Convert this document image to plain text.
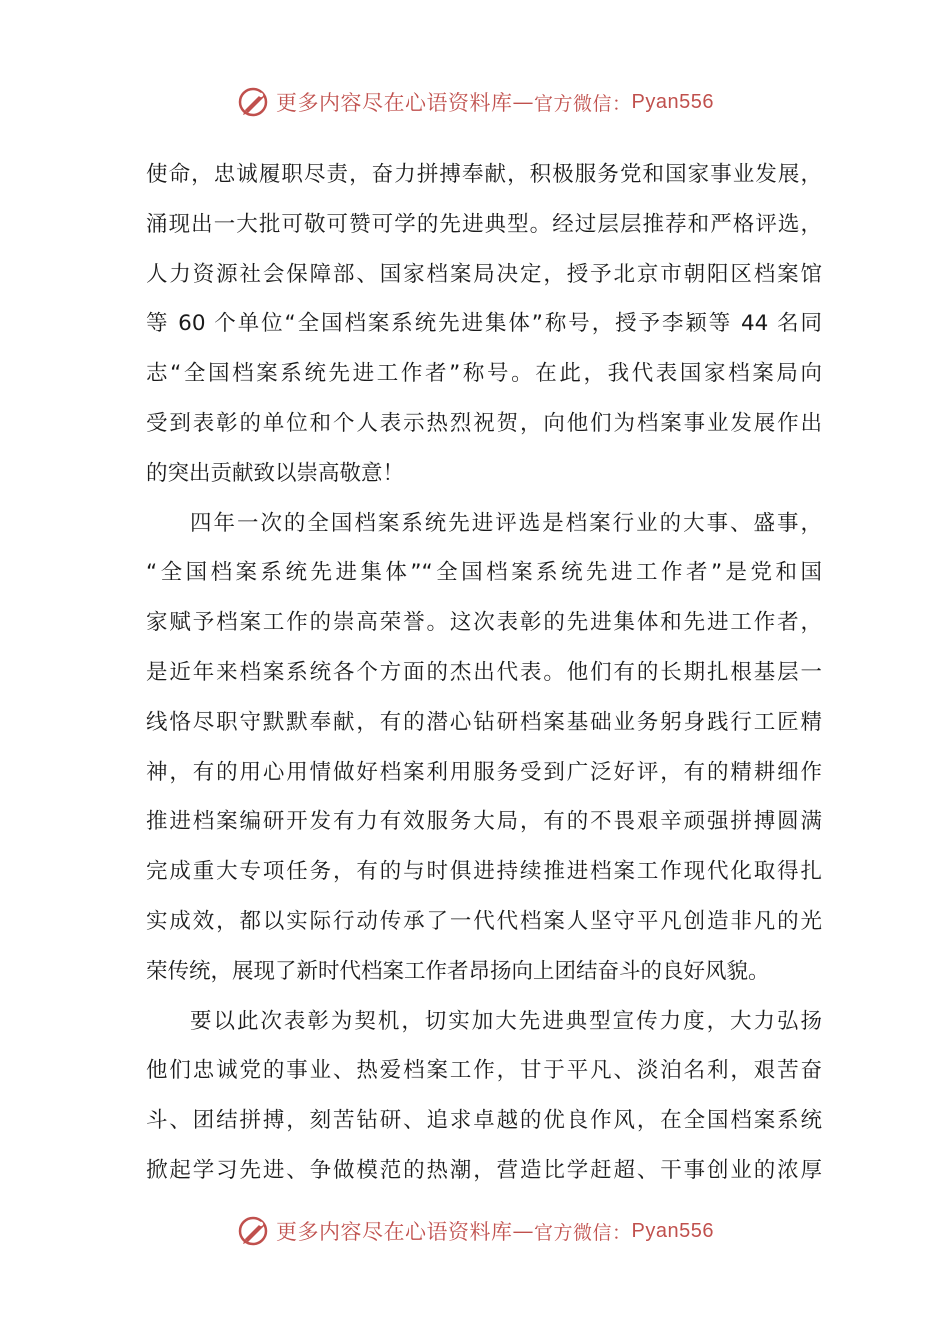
更多内容尽在心语资料库 — 官方微信： Pyan556
使命，忠诚履职尽责，奋力拼搏奉献，积极服务党和国家事业发展，
涌现出一大批可敬可赞可学的先进典型。经过层层推荐和严格评选，
人力资源社会保障部、国家档案局决定，授予北京市朝阳区档案馆
等 60 个单位“全国档案系统先进集体”称号，授予李颖等 44 名同
志“全国档案系统先进工作者”称号。在此，我代表国家档案局向
受到表彰的单位和个人表示热烈祝贺，向他们为档案事业发展作出
的突出贡献致以崇高敬意！
四年一次的全国档案系统先进评选是档案行业的大事、盛事，
“全国档案系统先进集体”“全国档案系统先进工作者”是党和国
家赋予档案工作的崇高荣誉。这次表彰的先进集体和先进工作者，
是近年来档案系统各个方面的杰出代表。他们有的长期扎根基层一
线恪尽职守默默奉献，有的潜心钻研档案基础业务躬身践行工匠精
神，有的用心用情做好档案利用服务受到广泛好评，有的精耕细作
推进档案编研开发有力有效服务大局，有的不畏艰辛顽强拼搏圆满
完成重大专项任务，有的与时俱进持续推进档案工作现代化取得扎
实成效，都以实际行动传承了一代代档案人坚守平凡创造非凡的光
荣传统，展现了新时代档案工作者昂扬向上团结奋斗的良好风貌。
要以此次表彰为契机，切实加大先进典型宣传力度，大力弘扬
他们忠诚党的事业、热爱档案工作，甘于平凡、淡泊名利，艰苦奋
斗、团结拼搏，刻苦钻研、追求卓越的优良作风，在全国档案系统
掀起学习先进、争做模范的热潮，营造比学赶超、干事创业的浓厚
更多内容尽在心语资料库 — 官方微信： Pyan556
